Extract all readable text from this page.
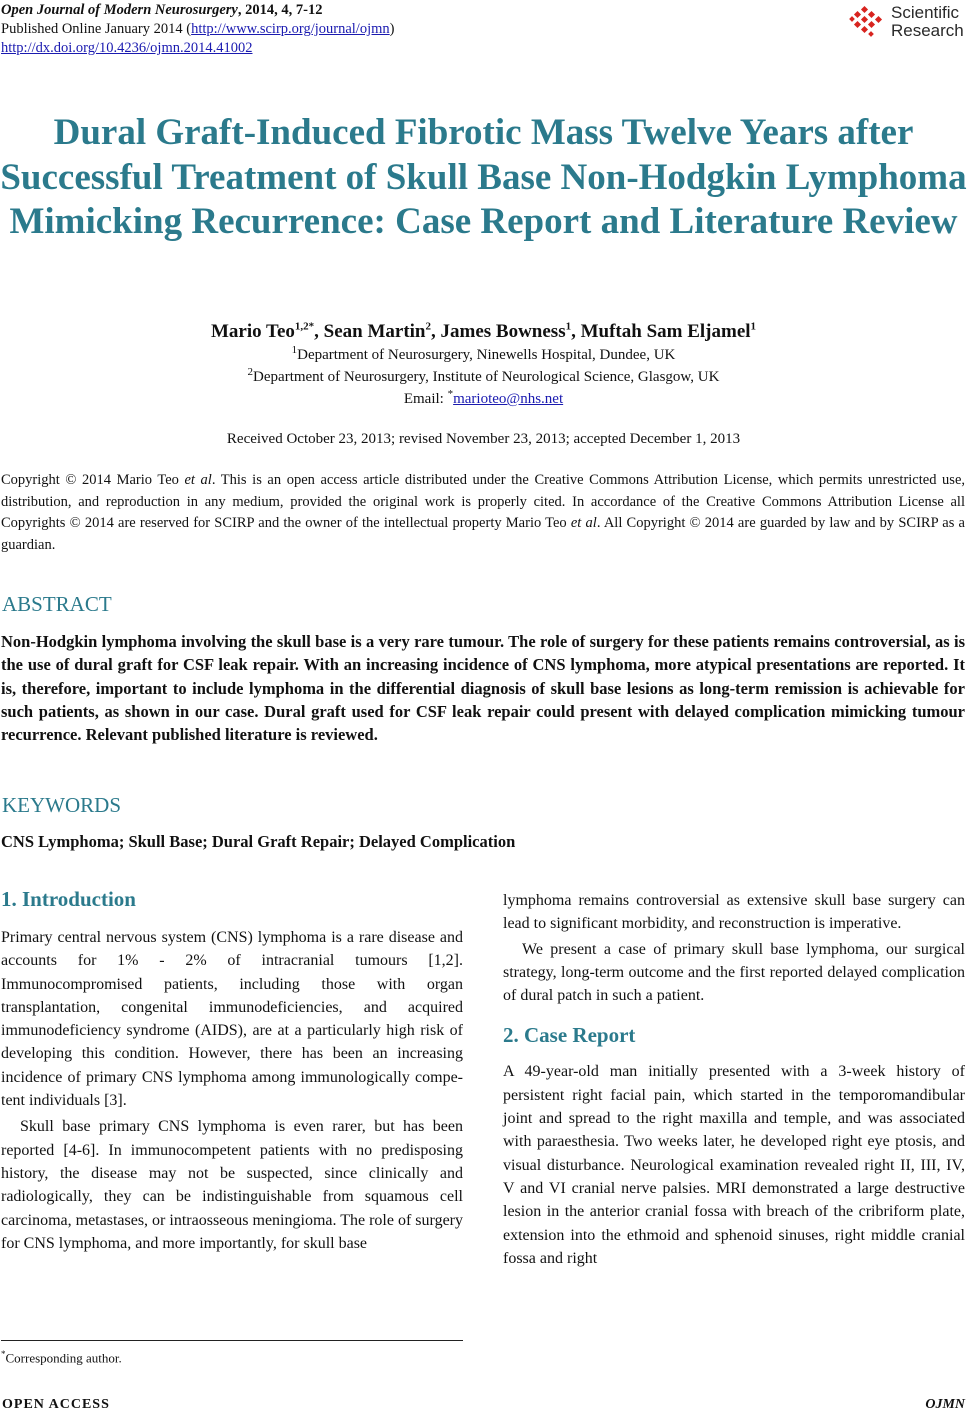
Open Journal of Modern Neurosurgery, 2014, 4, 7-12
Published Online January 2014 (http://www.scirp.org/journal/ojmn)
http://dx.doi.org/10.4236/ojmn.2014.41002
Scientific
Research
Dural Graft-Induced Fibrotic Mass Twelve Years after Successful Treatment of Skull Base Non-Hodgkin Lymphoma Mimicking Recurrence: Case Report and Literature Review
Mario Teo$^{1,2*}$, Sean Martin$^2$, James Bowness$^1$, Muftah Sam Eljamel$^1$
$^1$Department of Neurosurgery, Ninewells Hospital, Dundee, UK
$^2$Department of Neurosurgery, Institute of Neurological Science, Glasgow, UK
Email: *marioteo@nhs.net
Received October 23, 2013; revised November 23, 2013; accepted December 1, 2013
Copyright © 2014 Mario Teo et al. This is an open access article distributed under the Creative Commons Attribution License, which permits unrestricted use, distribution, and reproduction in any medium, provided the original work is properly cited. In accordance of the Creative Commons Attribution License all Copyrights © 2014 are reserved for SCIRP and the owner of the intellectual property Mario Teo et al. All Copyright © 2014 are guarded by law and by SCIRP as a guardian.
ABSTRACT

Non-Hodgkin lymphoma involving the skull base is a very rare tumour. The role of surgery for these patients remains controversial, as is the use of dural graft for CSF leak repair. With an increasing incidence of CNS lymphoma, more atypical presentations are reported. It is, therefore, important to include lymphoma in the differential diagnosis of skull base lesions as long-term remission is achievable for such patients, as shown in our case. Dural graft used for CSF leak repair could present with delayed complication mimicking tumour recurrence. Relevant published literature is reviewed.

KEYWORDS
CNS Lymphoma; Skull Base; Dural Graft Repair; Delayed Complication
1. Introduction

Primary central nervous system (CNS) lymphoma is a rare disease and accounts for 1% - 2% of intracranial tumours [1,2]. Immunocompromised patients, including those with organ transplantation, congenital immunodeficiencies, and acquired immunodeficiency syndrome (AIDS), are at a particularly high risk of developing this condition. However, there has been an increasing incidence of primary CNS lymphoma among immunologically competent individuals [3].

Skull base primary CNS lymphoma is even rarer, but has been reported [4-6]. In immunocompetent patients with no predisposing history, the disease may not be suspected, since clinically and radiologically, they can be indistinguishable from squamous cell carcinoma, metastases, or intraosseous meningioma. The role of surgery for CNS lymphoma, and more importantly, for skull base

lymphoma remains controversial as extensive skull base surgery can lead to significant morbidity, and reconstruction is imperative.

We present a case of primary skull base lymphoma, our surgical strategy, long-term outcome and the first reported delayed complication of dural patch in such a patient.

2. Case Report

A 49-year-old man initially presented with a 3-week history of persistent right facial pain, which started in the temporomandibular joint and spread to the right maxilla and temple, and was associated with paraesthesia. Two weeks later, he developed right eye ptosis, and visual disturbance. Neurological examination revealed right II, III, IV, V and VI cranial nerve palsies. MRI demonstrated a large destructive lesion in the anterior cranial fossa with breach of the cribriform plate, extension into the ethmoid and sphenoid sinuses, right middle cranial fossa and right

*Corresponding author.
OPEN ACCESS	OJMN
